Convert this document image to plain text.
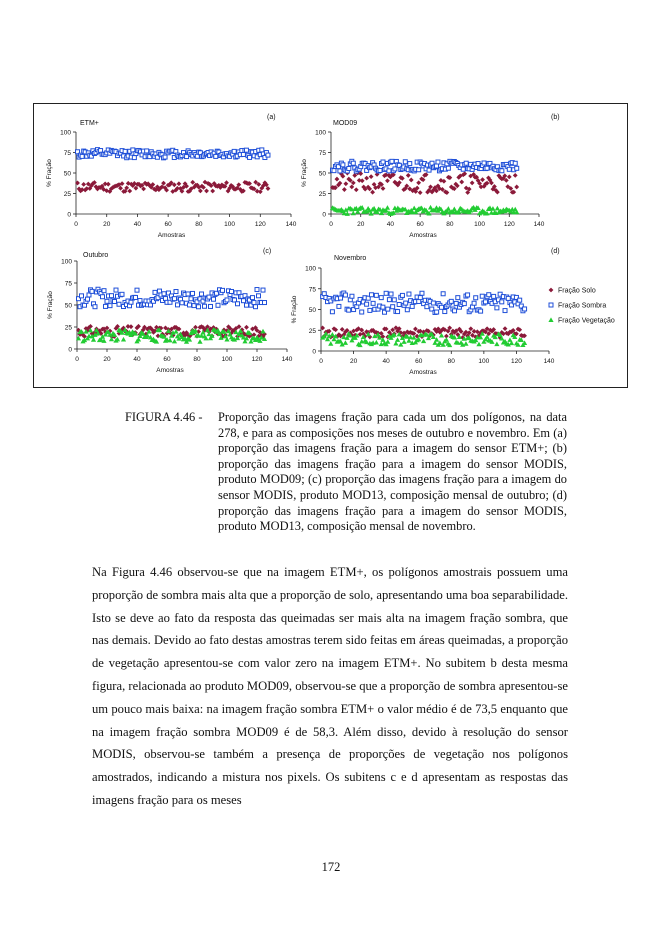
0
25
50
75
100
0	20	40	60	80	100	120	140
Amostras
% Fração
ETM+
(a)
0
25
50
75
100
0	20	40	60	80	100	120	140
Amostras
% Fração
MOD09
(b)
0
25
50
75
100
0	20	40	60	80	100	120	140
Amostras
% Fração
Outubro
(c)
0
25
50
75
100
0	20	40	60	80	100	120	140
Amostras
% Fração
Novembro
(d)
Fração Solo
Fração Sombra
Fração Vegetação
FIGURA 4.46 - Proporção das imagens fração para cada um dos polígonos, na data 278, e para as composições nos meses de outubro e novembro. Em (a) proporção das imagens fração para a imagem do sensor ETM+; (b) proporção das imagens fração para a imagem do sensor MODIS, produto MOD09; (c) proporção das imagens fração para a imagem do sensor MODIS, produto MOD13, composição mensal de outubro; (d) proporção das imagens fração para a imagem do sensor MODIS, produto MOD13, composição mensal de novembro.
Na Figura 4.46 observou-se que na imagem ETM+, os polígonos amostrais possuem uma proporção de sombra mais alta que a proporção de solo, apresentando uma boa separabilidade. Isto se deve ao fato da resposta das queimadas ser mais alta na imagem fração sombra, que nas demais. Devido ao fato destas amostras terem sido feitas em áreas queimadas, a proporção de vegetação apresentou-se com valor zero na imagem ETM+. No subitem b desta mesma figura, relacionada ao produto MOD09, observou-se que a proporção de sombra apresentou-se um pouco mais baixa: na imagem fração sombra ETM+ o valor médio é de 73,5 enquanto que na imagem fração sombra MOD09 é de 58,3. Além disso, devido à resolução do sensor MODIS, observou-se também a presença de proporções de vegetação nos polígonos amostrados, indicando a mistura nos pixels. Os subitens c e d apresentam as respostas das imagens fração para os meses
172
